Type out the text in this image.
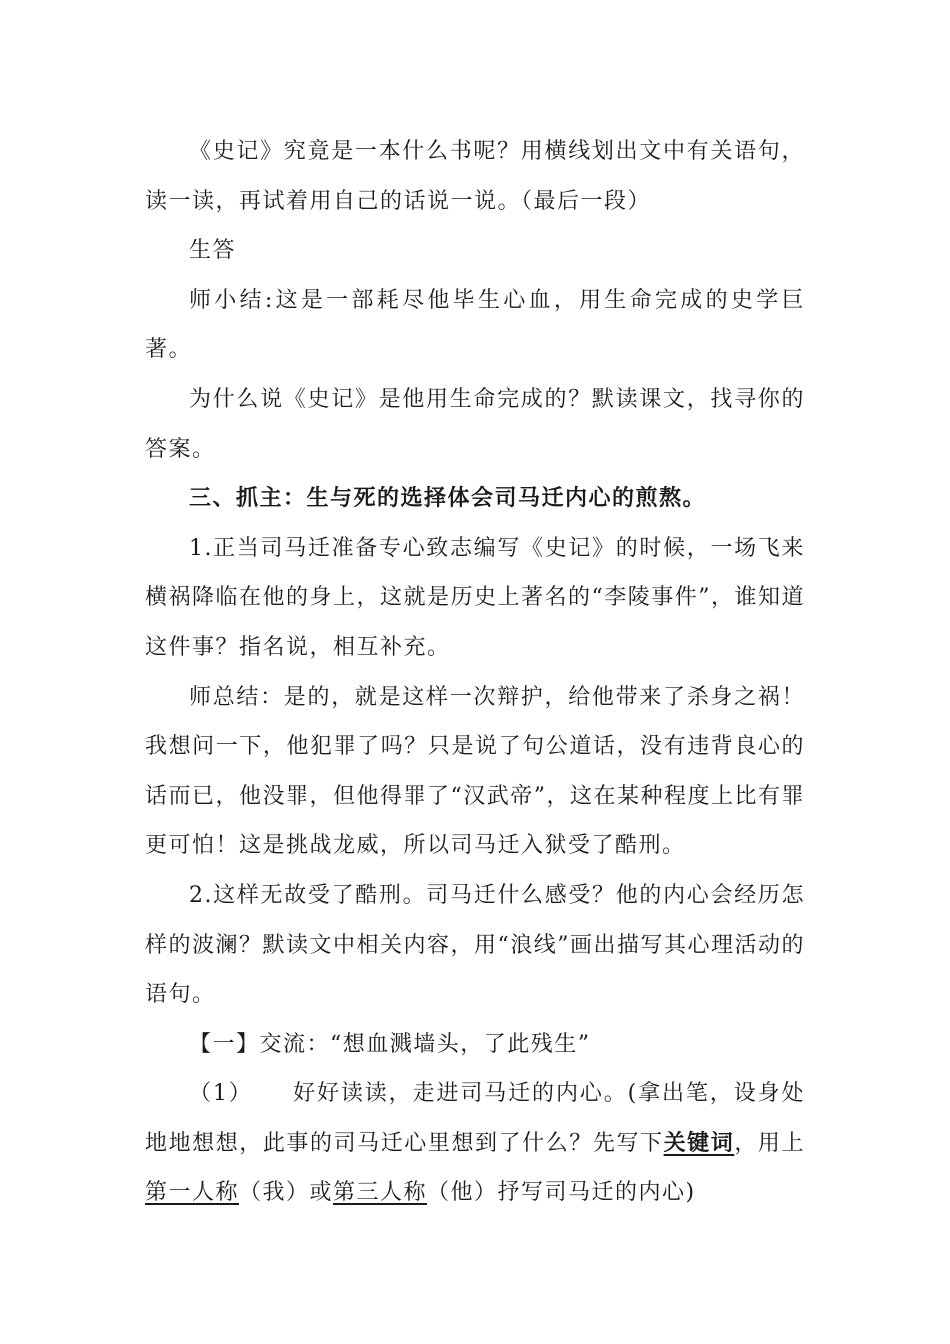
《史记》究竟是一本什么书呢？用横线划出文中有关语句，读一读，再试着用自己的话说一说。（最后一段）

生答

师小结:这是一部耗尽他毕生心血，用生命完成的史学巨著。

为什么说《史记》是他用生命完成的？默读课文，找寻你的答案。

三、抓主：生与死的选择体会司马迁内心的煎熬。

1.正当司马迁准备专心致志编写《史记》的时候，一场飞来横祸降临在他的身上，这就是历史上著名的“李陵事件”，谁知道这件事？指名说，相互补充。

师总结：是的，就是这样一次辩护，给他带来了杀身之祸！我想问一下，他犯罪了吗？只是说了句公道话，没有违背良心的话而已，他没罪，但他得罪了“汉武帝”，这在某种程度上比有罪更可怕！这是挑战龙威，所以司马迁入狱受了酷刑。

2.这样无故受了酷刑。司马迁什么感受？他的内心会经历怎样的波澜？默读文中相关内容，用“浪线”画出描写其心理活动的语句。

【一】交流：“想血溅墙头，了此残生”

（1） 好好读读，走进司马迁的内心。(拿出笔，设身处地地想想，此事的司马迁心里想到了什么？先写下关键词，用上第一人称（我）或第三人称（他）抒写司马迁的内心)
